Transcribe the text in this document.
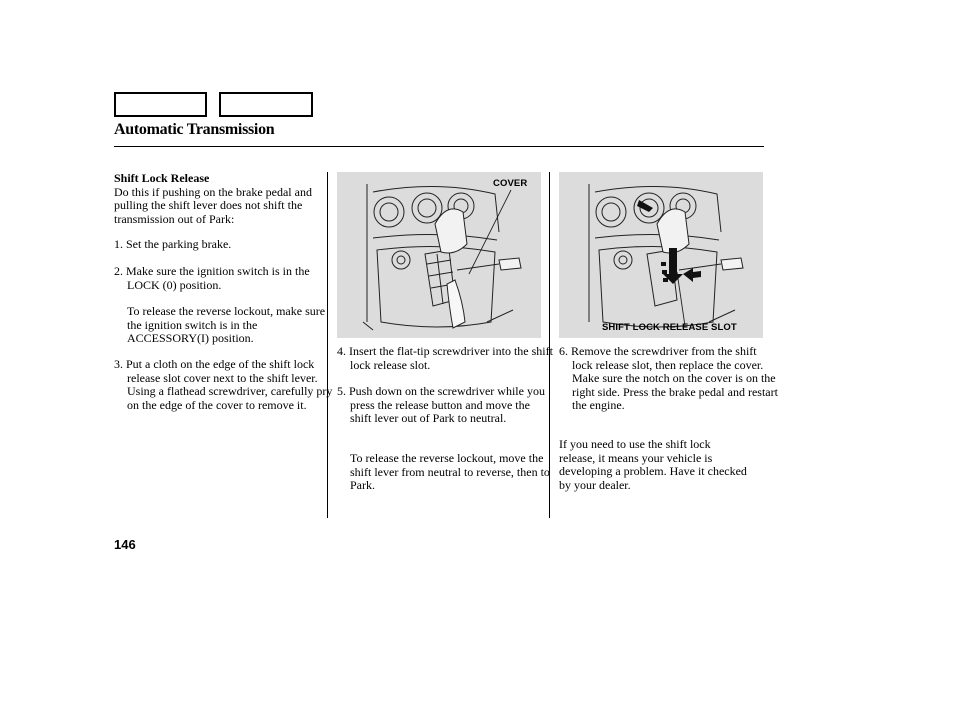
Automatic Transmission
Shift Lock Release
Do this if pushing on the brake pedal and pulling the shift lever does not shift the transmission out of Park:
1. Set the parking brake.
2. Make sure the ignition switch is in the LOCK (0) position.
To release the reverse lockout, make sure the ignition switch is in the ACCESSORY(I) position.
3. Put a cloth on the edge of the shift lock release slot cover next to the shift lever. Using a flathead screwdriver, carefully pry on the edge of the cover to remove it.
COVER
SHIFT LOCK RELEASE SLOT
4. Insert the flat-tip screwdriver into the shift lock release slot.
5. Push down on the screwdriver while you press the release button and move the shift lever out of Park to neutral.
To release the reverse lockout, move the shift lever from neutral to reverse, then to Park.
6. Remove the screwdriver from the shift lock release slot, then replace the cover. Make sure the notch on the cover is on the right side. Press the brake pedal and restart the engine.
If you need to use the shift lock release, it means your vehicle is developing a problem. Have it checked by your dealer.
146
